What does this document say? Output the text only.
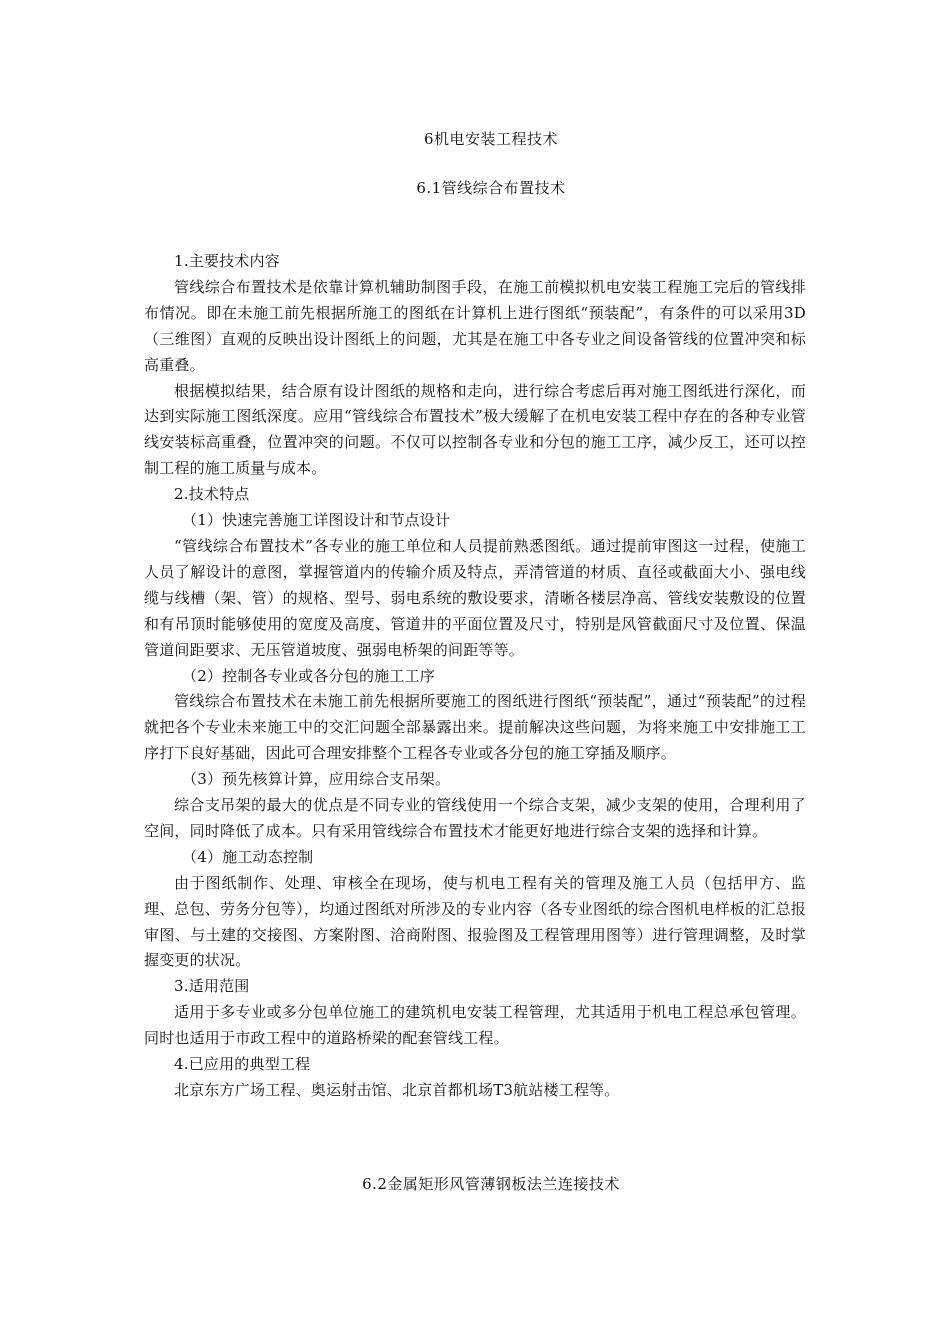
6机电安装工程技术
6.1管线综合布置技术

1.主要技术内容

管线综合布置技术是依靠计算机辅助制图手段，在施工前模拟机电安装工程施工完后的管线排布情况。即在未施工前先根据所施工的图纸在计算机上进行图纸“预装配”，有条件的可以采用3D（三维图）直观的反映出设计图纸上的问题，尤其是在施工中各专业之间设备管线的位置冲突和标高重叠。

根据模拟结果，结合原有设计图纸的规格和走向，进行综合考虑后再对施工图纸进行深化，而达到实际施工图纸深度。应用“管线综合布置技术”极大缓解了在机电安装工程中存在的各种专业管线安装标高重叠，位置冲突的问题。不仅可以控制各专业和分包的施工工序，减少反工，还可以控制工程的施工质量与成本。

2.技术特点

（1）快速完善施工详图设计和节点设计

“管线综合布置技术”各专业的施工单位和人员提前熟悉图纸。通过提前审图这一过程，使施工人员了解设计的意图，掌握管道内的传输介质及特点，弄清管道的材质、直径或截面大小、强电线缆与线槽（架、管）的规格、型号、弱电系统的敷设要求，清晰各楼层净高、管线安装敷设的位置和有吊顶时能够使用的宽度及高度、管道井的平面位置及尺寸，特别是风管截面尺寸及位置、保温管道间距要求、无压管道坡度、强弱电桥架的间距等等。

（2）控制各专业或各分包的施工工序

管线综合布置技术在未施工前先根据所要施工的图纸进行图纸“预装配”，通过“预装配”的过程就把各个专业未来施工中的交汇问题全部暴露出来。提前解决这些问题，为将来施工中安排施工工序打下良好基础，因此可合理安排整个工程各专业或各分包的施工穿插及顺序。

（3）预先核算计算，应用综合支吊架。

综合支吊架的最大的优点是不同专业的管线使用一个综合支架，减少支架的使用，合理利用了空间，同时降低了成本。只有采用管线综合布置技术才能更好地进行综合支架的选择和计算。

（4）施工动态控制

由于图纸制作、处理、审核全在现场，使与机电工程有关的管理及施工人员（包括甲方、监理、总包、劳务分包等），均通过图纸对所涉及的专业内容（各专业图纸的综合图机电样板的汇总报审图、与土建的交接图、方案附图、洽商附图、报验图及工程管理用图等）进行管理调整，及时掌握变更的状况。

3.适用范围

适用于多专业或多分包单位施工的建筑机电安装工程管理，尤其适用于机电工程总承包管理。同时也适用于市政工程中的道路桥梁的配套管线工程。

4.已应用的典型工程

北京东方广场工程、奥运射击馆、北京首都机场T3航站楼工程等。

6.2金属矩形风管薄钢板法兰连接技术
